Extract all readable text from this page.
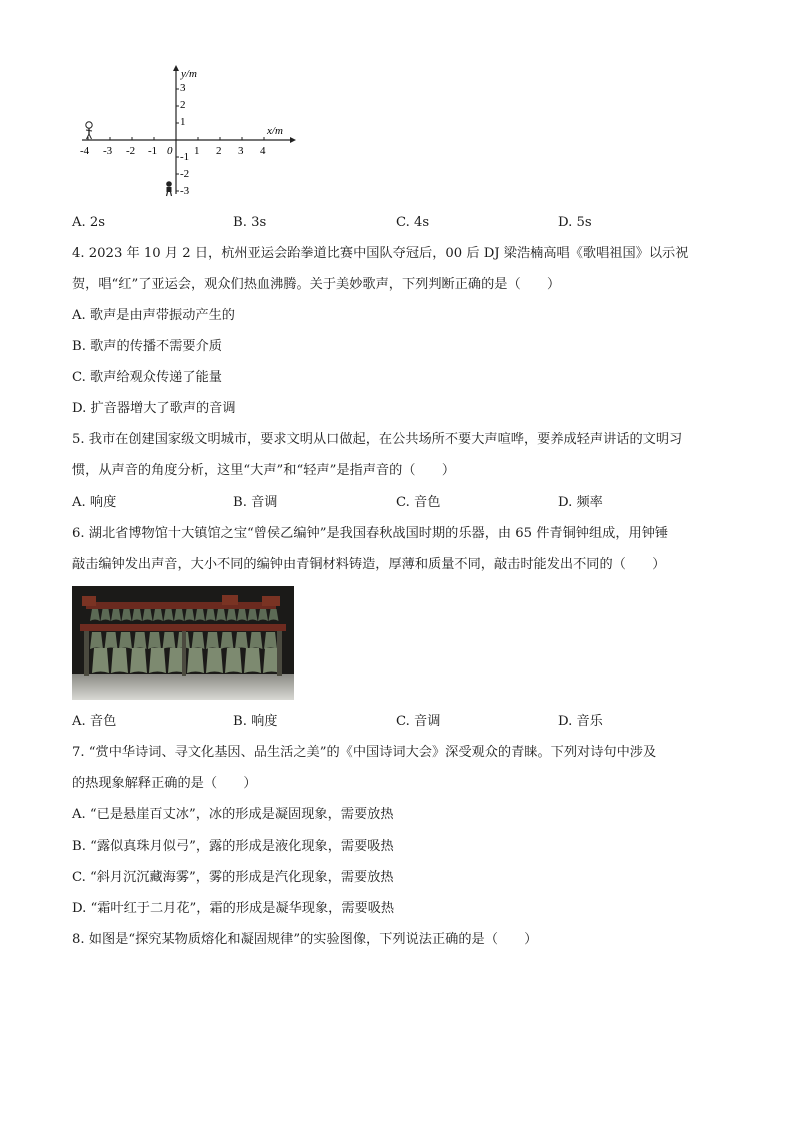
y/m
x/m
0
-4 -3 -2 -1	1 2 3 4
3
2
1
-1
-2
-3
A. 2s	B. 3s	C. 4s	D. 5s
4. 2023 年 10 月 2 日，杭州亚运会跆拳道比赛中国队夺冠后，00 后 DJ 梁浩楠高唱《歌唱祖国》以示祝
贺，唱“红”了亚运会，观众们热血沸腾。关于美妙歌声，下列判断正确的是（　　）
A. 歌声是由声带振动产生的
B. 歌声的传播不需要介质
C. 歌声给观众传递了能量
D. 扩音器增大了歌声的音调
5. 我市在创建国家级文明城市，要求文明从口做起，在公共场所不要大声喧哗，要养成轻声讲话的文明习
惯，从声音的角度分析，这里“大声”和“轻声”是指声音的（　　）
A. 响度	B. 音调	C. 音色	D. 频率
6. 湖北省博物馆十大镇馆之宝“曾侯乙编钟”是我国春秋战国时期的乐器，由 65 件青铜钟组成，用钟锤
敲击编钟发出声音，大小不同的编钟由青铜材料铸造，厚薄和质量不同，敲击时能发出不同的（　　）
A. 音色	B. 响度	C. 音调	D. 音乐
7. “赏中华诗词、寻文化基因、品生活之美”的《中国诗词大会》深受观众的青睐。下列对诗句中涉及
的热现象解释正确的是（　　）
A. “已是悬崖百丈冰”，冰的形成是凝固现象，需要放热
B. “露似真珠月似弓”，露的形成是液化现象，需要吸热
C. “斜月沉沉藏海雾”，雾的形成是汽化现象，需要放热
D. “霜叶红于二月花”，霜的形成是凝华现象，需要吸热
8. 如图是“探究某物质熔化和凝固规律”的实验图像，下列说法正确的是（　　）
